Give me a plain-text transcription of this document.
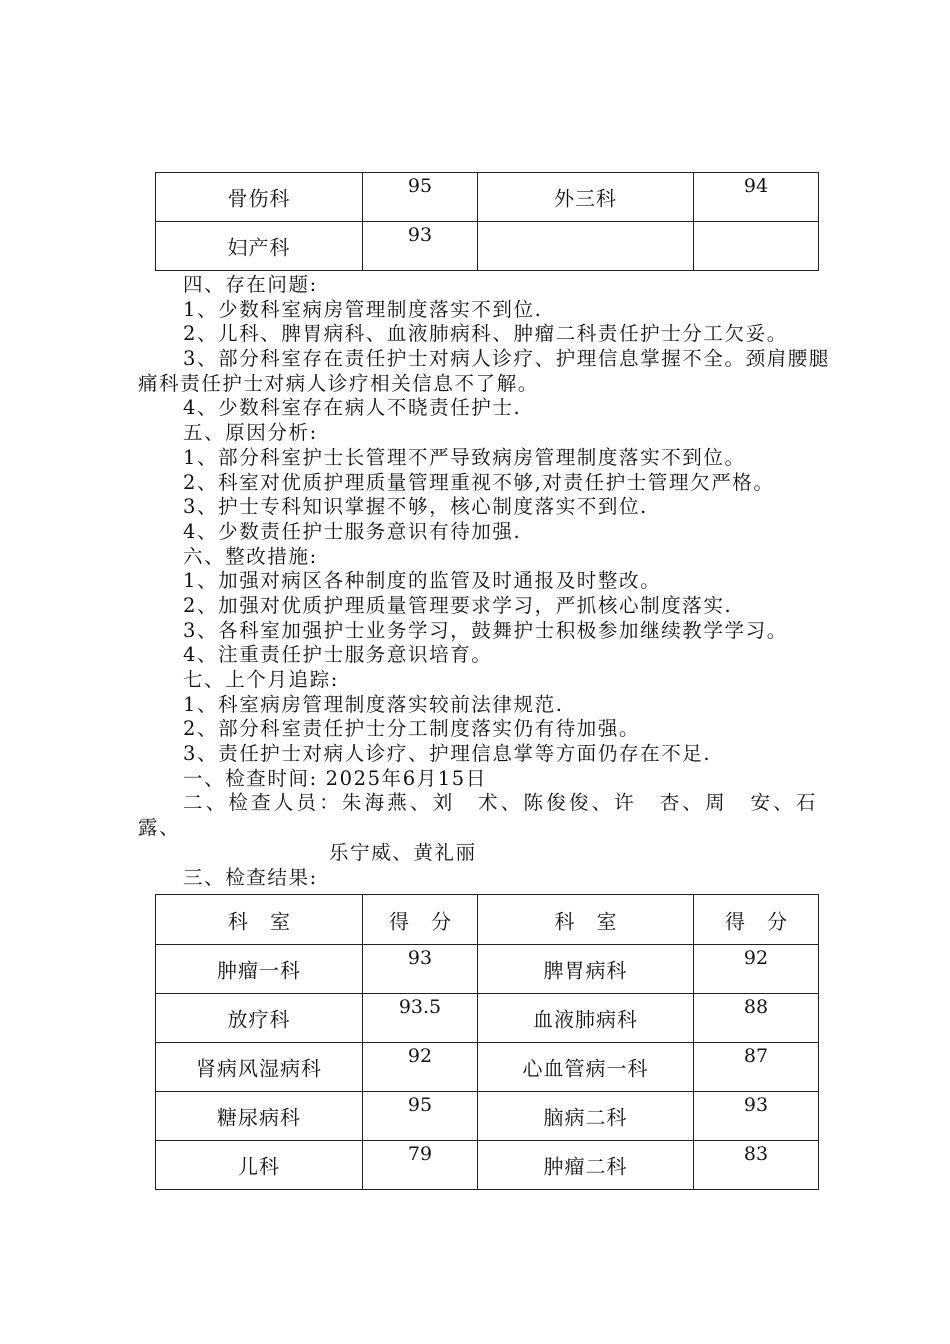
骨伤科	95	外三科	94

妇产科	93		

四、存在问题:
1、少数科室病房管理制度落实不到位.
2、儿科、脾胃病科、血液肺病科、肿瘤二科责任护士分工欠妥。
3、部分科室存在责任护士对病人诊疗、护理信息掌握不全。颈肩腰腿痛科责任护士对病人诊疗相关信息不了解。
4、少数科室存在病人不晓责任护士.
五、原因分析:
1、部分科室护士长管理不严导致病房管理制度落实不到位。
2、科室对优质护理质量管理重视不够,对责任护士管理欠严格。
3、护士专科知识掌握不够，核心制度落实不到位.
4、少数责任护士服务意识有待加强.
六、整改措施:
1、加强对病区各种制度的监管及时通报及时整改。
2、加强对优质护理质量管理要求学习，严抓核心制度落实.
3、各科室加强护士业务学习，鼓舞护士积极参加继续教学学习。
4、注重责任护士服务意识培育。
七、上个月追踪:
1、科室病房管理制度落实较前法律规范.
2、部分科室责任护士分工制度落实仍有待加强。
3、责任护士对病人诊疗、护理信息掌等方面仍存在不足.
一、检查时间: 2025年6月15日
二、检查人员：朱海燕、刘　术、陈俊俊、许　杏、周　安、石
露、
乐宁威、黄礼丽
三、检查结果:
科室	得分	科室	得分

肿瘤一科	93	脾胃病科	92

放疗科	93.5	血液肺病科	88

肾病风湿病科	92	心血管病一科	87

糖尿病科	95	脑病二科	93

儿科	79	肿瘤二科	83
